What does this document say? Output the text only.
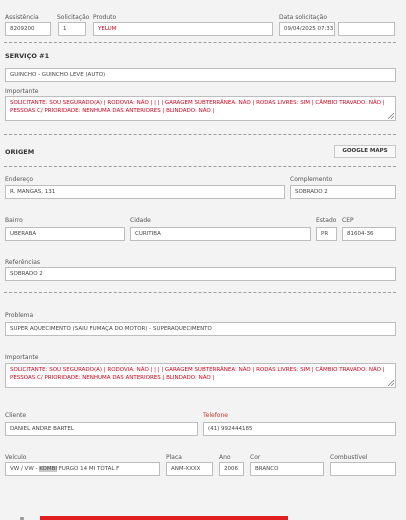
Assistência
8209200
Solicitação
1
Produto
YELUM
Data solicitação
09/04/2025 07:33
SERVIÇO #1
GUINCHO - GUINCHO LEVE (AUTO)
Importante
SOLICITANTE: SOU SEGURADO(A) | RODOVIA: NÃO | | | | GARAGEM SUBTERRÂNEA: NÃO | RODAS LIVRES: SIM | CÂMBIO TRAVADO: NÃO | PESSOAS C/ PRIORIDADE: NENHUMA DAS ANTERIORES | BLINDADO: NÃO |
ORIGEM	GOOGLE MAPS
Endereço
R. MANGAS, 131
Complemento
SOBRADO 2
Bairro
UBERABA
Cidade
CURITIBA
Estado
PR
CEP
81604-36
Referências
SOBRADO 2
Problema
SUPER AQUECIMENTO (SAIU FUMAÇA DO MOTOR) - SUPERAQUECIMENTO
Importante
SOLICITANTE: SOU SEGURADO(A) | RODOVIA: NÃO | | | | GARAGEM SUBTERRÂNEA: NÃO | RODAS LIVRES: SIM | CÂMBIO TRAVADO: NÃO | PESSOAS C/ PRIORIDADE: NENHUMA DAS ANTERIORES | BLINDADO: NÃO |
Cliente
DANIEL ANDRE BARTEL
Telefone
(41) 992444185
Veículo
VW / VW - KOMBI FURGO 14 MI TOTAL F
Placa
ANM-XXXX
Ano
2006
Cor
BRANCO
Combustível
